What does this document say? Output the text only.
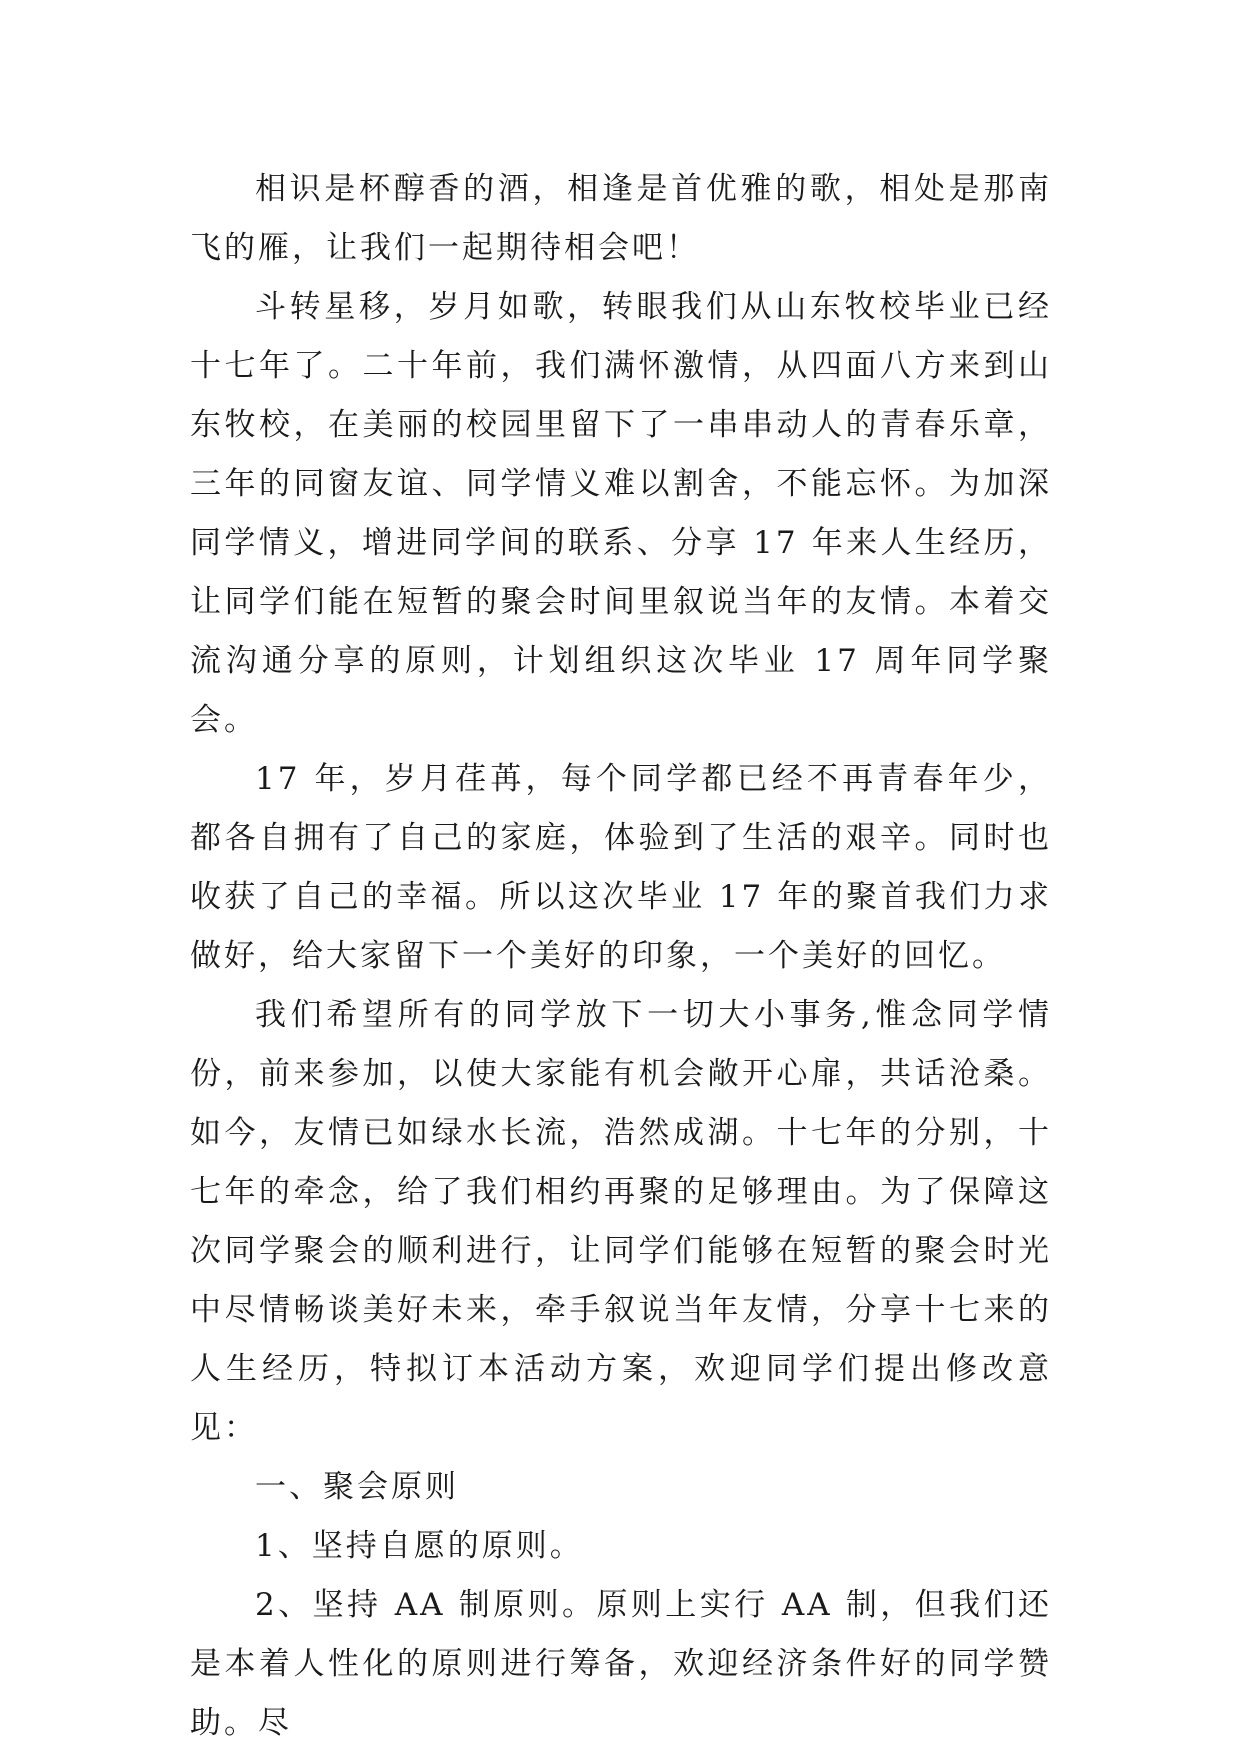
相识是杯醇香的酒，相逢是首优雅的歌，相处是那南飞的雁，让我们一起期待相会吧！

斗转星移，岁月如歌，转眼我们从山东牧校毕业已经十七年了。二十年前，我们满怀激情，从四面八方来到山东牧校，在美丽的校园里留下了一串串动人的青春乐章，三年的同窗友谊、同学情义难以割舍，不能忘怀。为加深同学情义，增进同学间的联系、分享 17 年来人生经历，让同学们能在短暂的聚会时间里叙说当年的友情。本着交流沟通分享的原则，计划组织这次毕业 17 周年同学聚会。

17 年，岁月荏苒，每个同学都已经不再青春年少，都各自拥有了自己的家庭，体验到了生活的艰辛。同时也收获了自己的幸福。所以这次毕业 17 年的聚首我们力求做好，给大家留下一个美好的印象，一个美好的回忆。

我们希望所有的同学放下一切大小事务,惟念同学情份，前来参加，以使大家能有机会敞开心扉，共话沧桑。如今，友情已如绿水长流，浩然成湖。十七年的分别，十七年的牵念，给了我们相约再聚的足够理由。为了保障这次同学聚会的顺利进行，让同学们能够在短暂的聚会时光中尽情畅谈美好未来，牵手叙说当年友情，分享十七来的人生经历，特拟订本活动方案，欢迎同学们提出修改意见：

一、聚会原则

1、坚持自愿的原则。

2、坚持 AA 制原则。原则上实行 AA 制，但我们还是本着人性化的原则进行筹备，欢迎经济条件好的同学赞助。尽
